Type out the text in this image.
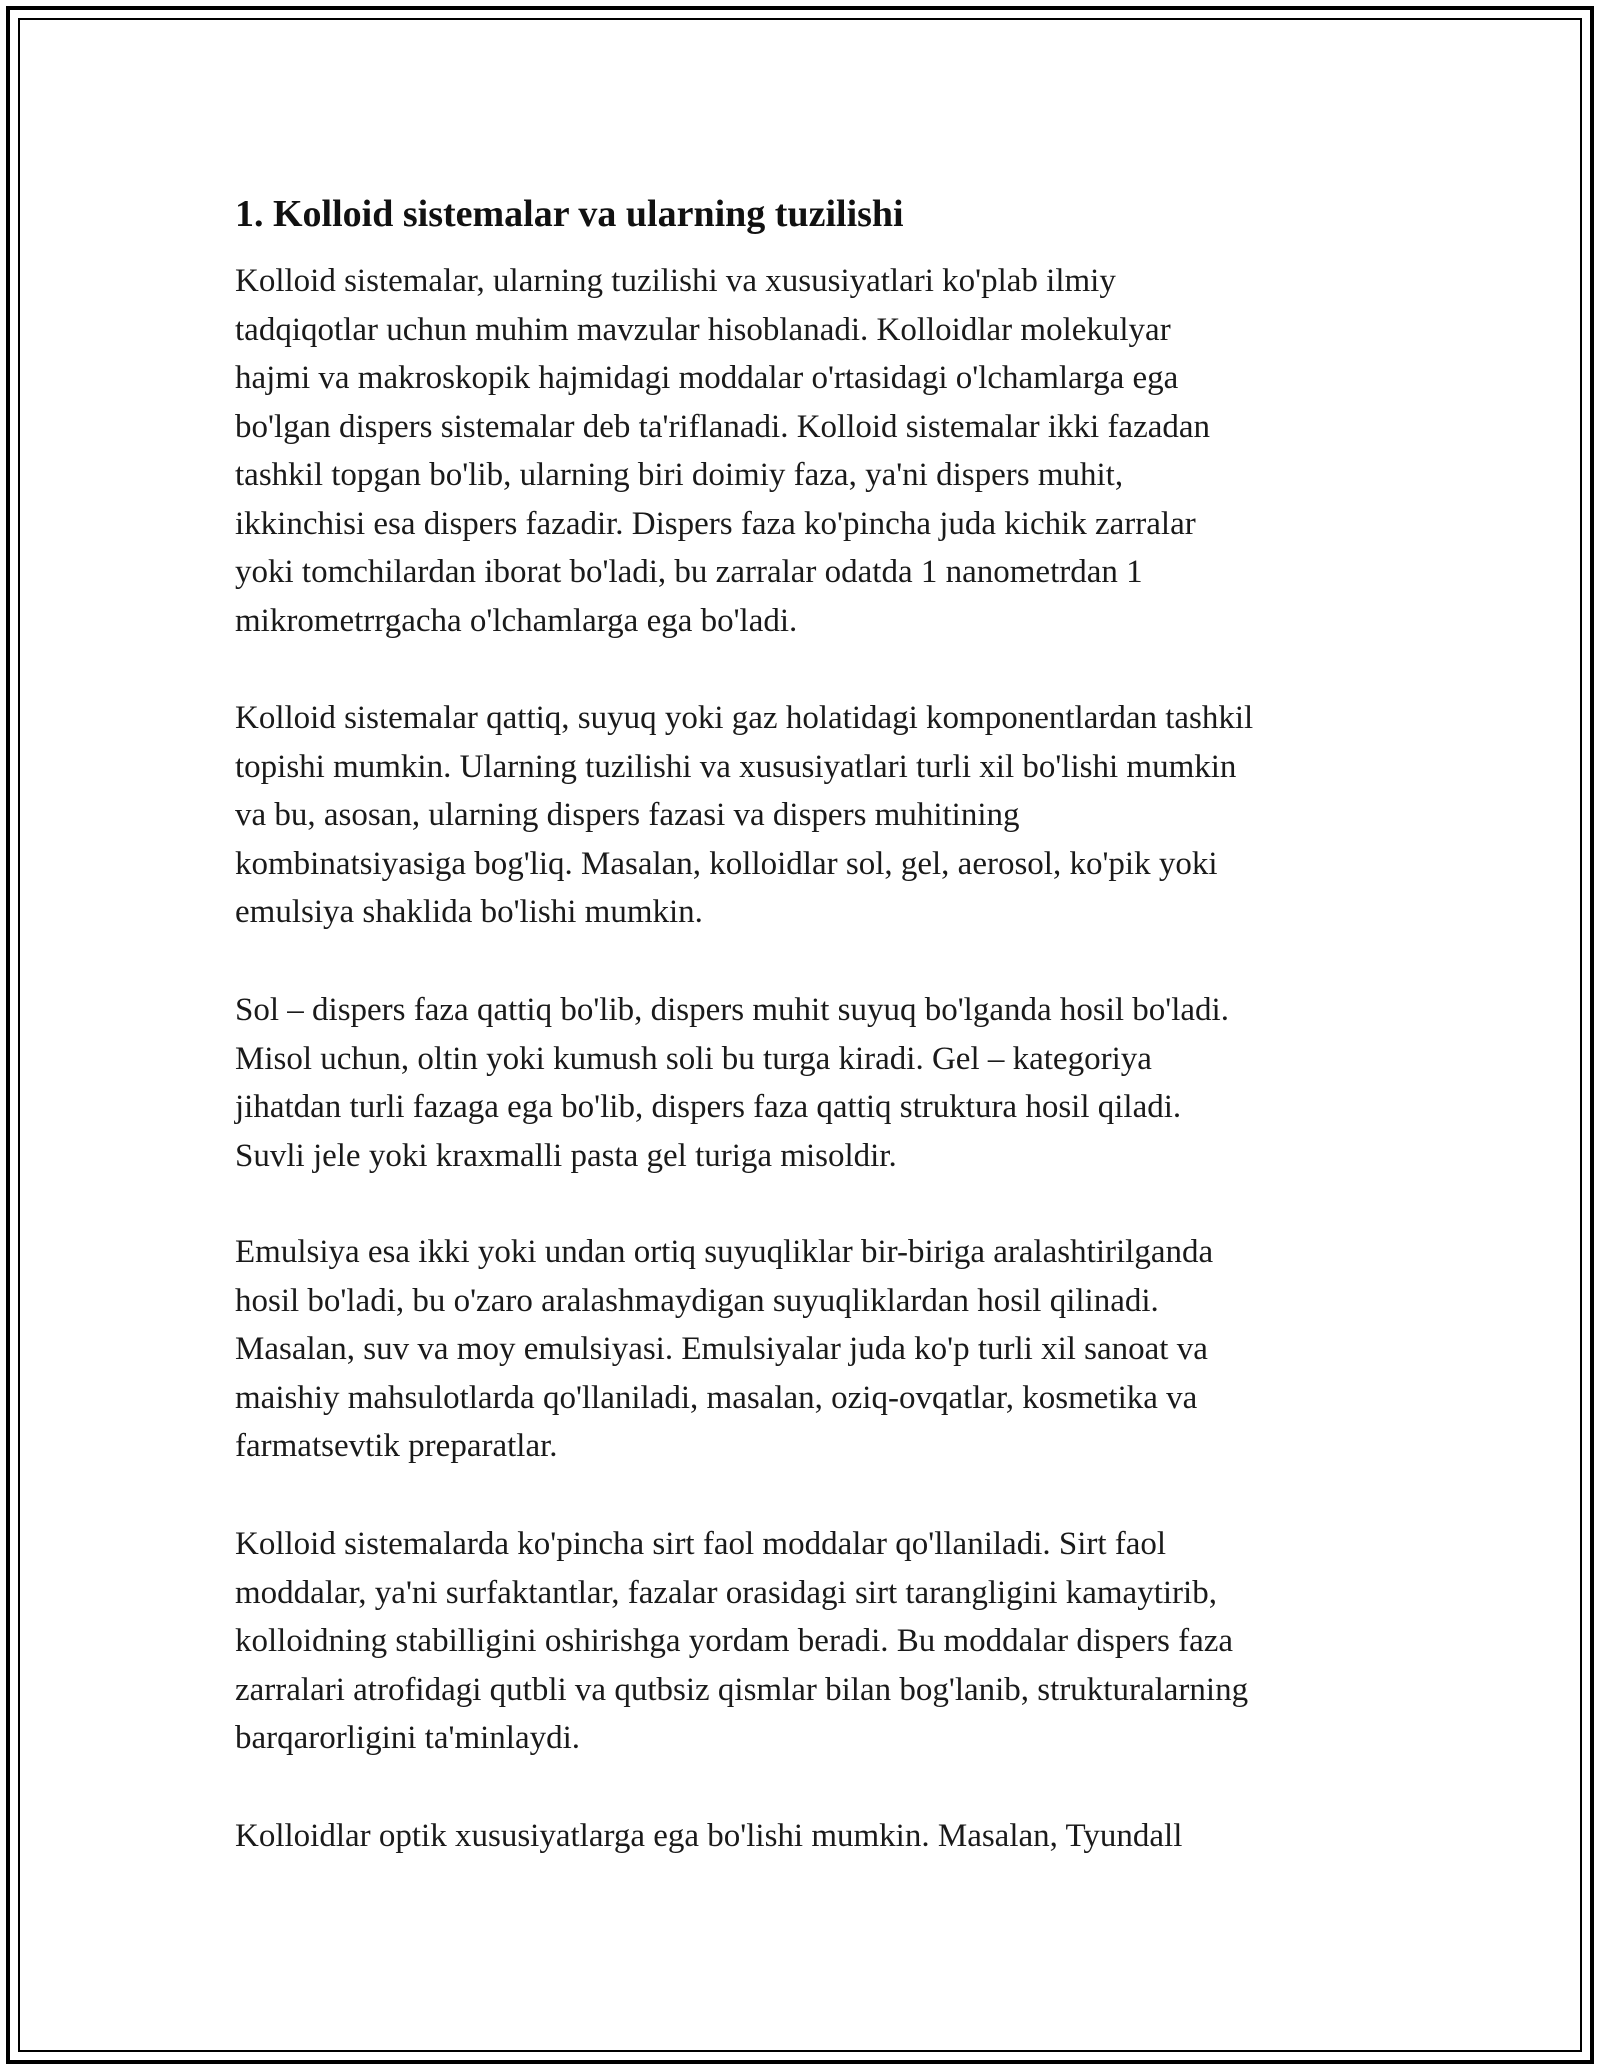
1. Kolloid sistemalar va ularning tuzilishi

Kolloid sistemalar, ularning tuzilishi va xususiyatlari ko'plab ilmiy
tadqiqotlar uchun muhim mavzular hisoblanadi. Kolloidlar molekulyar
hajmi va makroskopik hajmidagi moddalar o'rtasidagi o'lchamlarga ega
bo'lgan dispers sistemalar deb ta'riflanadi. Kolloid sistemalar ikki fazadan
tashkil topgan bo'lib, ularning biri doimiy faza, ya'ni dispers muhit,
ikkinchisi esa dispers fazadir. Dispers faza ko'pincha juda kichik zarralar
yoki tomchilardan iborat bo'ladi, bu zarralar odatda 1 nanometrdan 1
mikrometrrgacha o'lchamlarga ega bo'ladi.

Kolloid sistemalar qattiq, suyuq yoki gaz holatidagi komponentlardan tashkil
topishi mumkin. Ularning tuzilishi va xususiyatlari turli xil bo'lishi mumkin
va bu, asosan, ularning dispers fazasi va dispers muhitining
kombinatsiyasiga bog'liq. Masalan, kolloidlar sol, gel, aerosol, ko'pik yoki
emulsiya shaklida bo'lishi mumkin.

Sol – dispers faza qattiq bo'lib, dispers muhit suyuq bo'lganda hosil bo'ladi.
Misol uchun, oltin yoki kumush soli bu turga kiradi. Gel – kategoriya
jihatdan turli fazaga ega bo'lib, dispers faza qattiq struktura hosil qiladi.
Suvli jele yoki kraxmalli pasta gel turiga misoldir.

Emulsiya esa ikki yoki undan ortiq suyuqliklar bir-biriga aralashtirilganda
hosil bo'ladi, bu o'zaro aralashmaydigan suyuqliklardan hosil qilinadi.
Masalan, suv va moy emulsiyasi. Emulsiyalar juda ko'p turli xil sanoat va
maishiy mahsulotlarda qo'llaniladi, masalan, oziq-ovqatlar, kosmetika va
farmatsevtik preparatlar.

Kolloid sistemalarda ko'pincha sirt faol moddalar qo'llaniladi. Sirt faol
moddalar, ya'ni surfaktantlar, fazalar orasidagi sirt tarangligini kamaytirib,
kolloidning stabilligini oshirishga yordam beradi. Bu moddalar dispers faza
zarralari atrofidagi qutbli va qutbsiz qismlar bilan bog'lanib, strukturalarning
barqarorligini ta'minlaydi.

Kolloidlar optik xususiyatlarga ega bo'lishi mumkin. Masalan, Tyundall
